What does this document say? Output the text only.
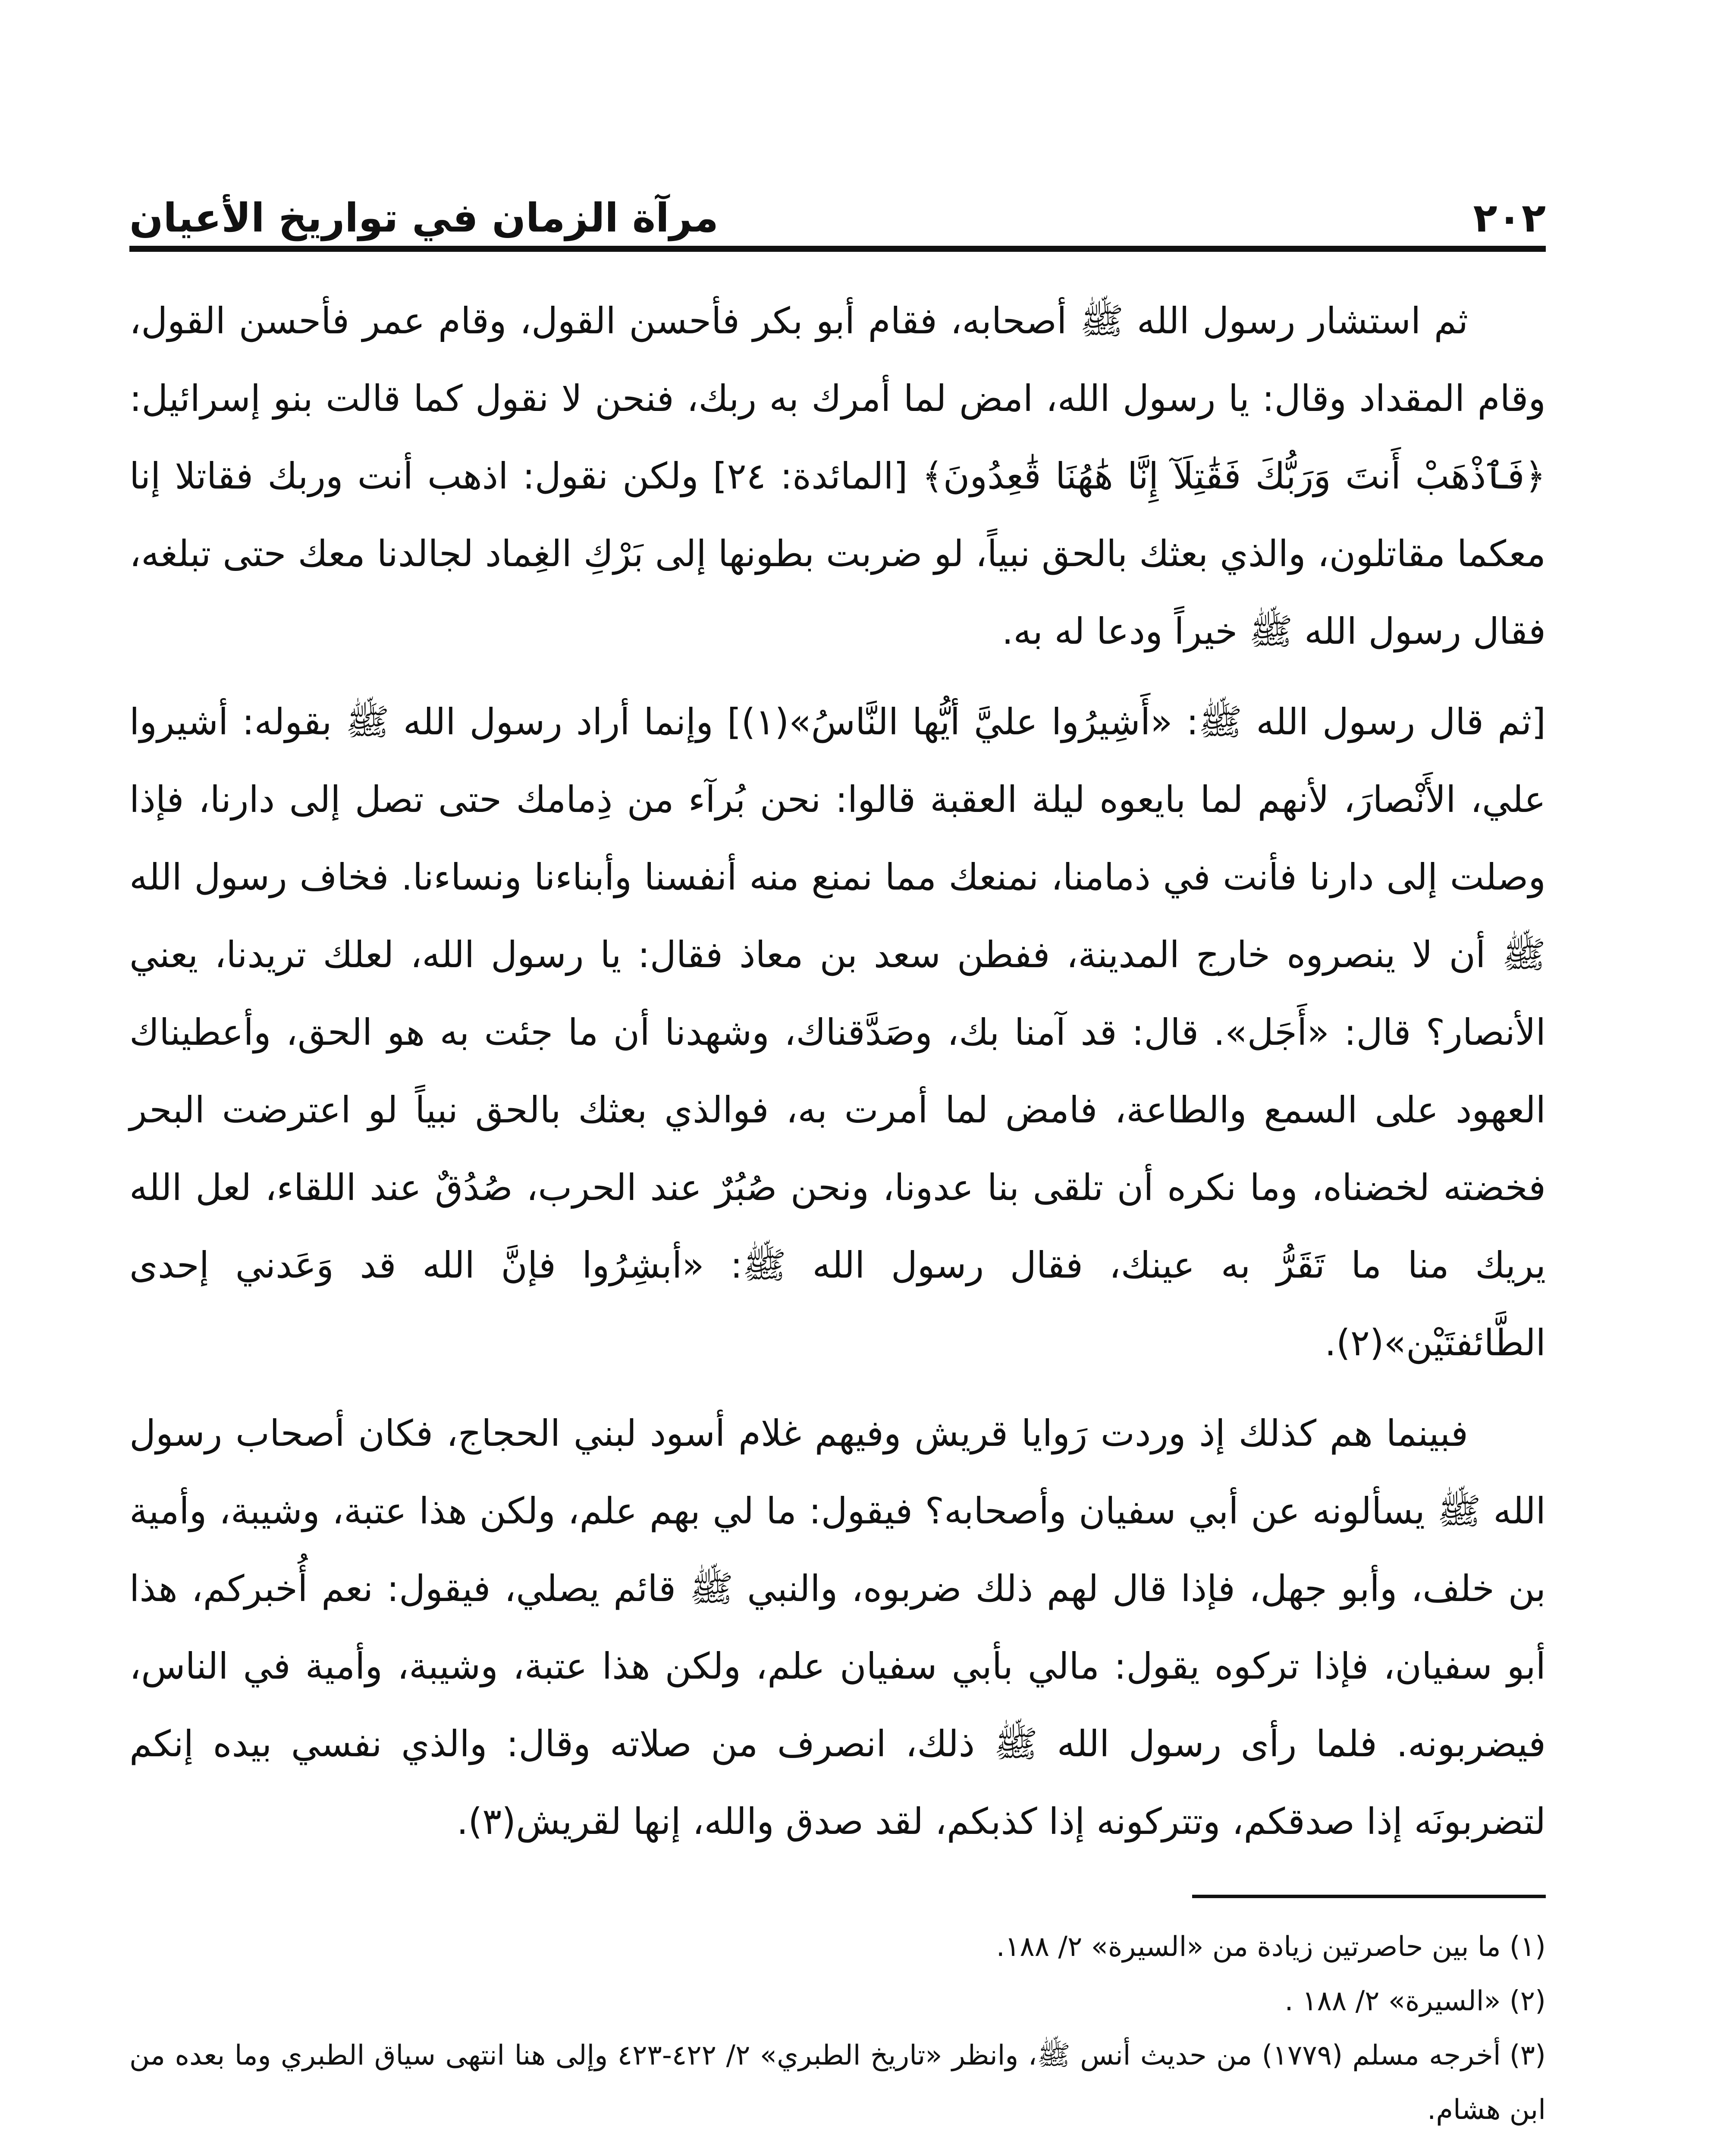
٢٠٢
مرآة الزمان في تواريخ الأعيان

ثم استشار رسول الله ﷺ أصحابه، فقام أبو بكر فأحسن القول، وقام عمر فأحسن القول، وقام المقداد وقال: يا رسول الله، امض لما أمرك به ربك، فنحن لا نقول كما قالت بنو إسرائيل: ﴿فَٱذْهَبْ أَنتَ وَرَبُّكَ فَقَٰتِلَآ إِنَّا هَٰهُنَا قَٰعِدُونَ﴾ [المائدة: ٢٤] ولكن نقول: اذهب أنت وربك فقاتلا إنا معكما مقاتلون، والذي بعثك بالحق نبياً، لو ضربت بطونها إلى بَرْكِ الغِماد لجالدنا معك حتى تبلغه، فقال رسول الله ﷺ خيراً ودعا له به.

[ثم قال رسول الله ﷺ: «أَشِيرُوا عليَّ أيُّها النَّاسُ»(١)] وإنما أراد رسول الله ﷺ بقوله: أشيروا علي، الأَنْصارَ، لأنهم لما بايعوه ليلة العقبة قالوا: نحن بُرآء من ذِمامك حتى تصل إلى دارنا، فإذا وصلت إلى دارنا فأنت في ذمامنا، نمنعك مما نمنع منه أنفسنا وأبناءنا ونساءنا. فخاف رسول الله ﷺ أن لا ينصروه خارج المدينة، ففطن سعد بن معاذ فقال: يا رسول الله، لعلك تريدنا، يعني الأنصار؟ قال: «أَجَل». قال: قد آمنا بك، وصَدَّقناك، وشهدنا أن ما جئت به هو الحق، وأعطيناك العهود على السمع والطاعة، فامض لما أمرت به، فوالذي بعثك بالحق نبياً لو اعترضت البحر فخضته لخضناه، وما نكره أن تلقى بنا عدونا، ونحن صُبُرٌ عند الحرب، صُدُقٌ عند اللقاء، لعل الله يريك منا ما تَقَرُّ به عينك، فقال رسول الله ﷺ: «أبشِرُوا فإنَّ الله قد وَعَدني إحدى الطَّائفتَيْن»(٢).

فبينما هم كذلك إذ وردت رَوايا قريش وفيهم غلام أسود لبني الحجاج، فكان أصحاب رسول الله ﷺ يسألونه عن أبي سفيان وأصحابه؟ فيقول: ما لي بهم علم، ولكن هذا عتبة، وشيبة، وأمية بن خلف، وأبو جهل، فإذا قال لهم ذلك ضربوه، والنبي ﷺ قائم يصلي، فيقول: نعم أُخبركم، هذا أبو سفيان، فإذا تركوه يقول: مالي بأبي سفيان علم، ولكن هذا عتبة، وشيبة، وأمية في الناس، فيضربونه. فلما رأى رسول الله ﷺ ذلك، انصرف من صلاته وقال: والذي نفسي بيده إنكم لتضربونَه إذا صدقكم، وتتركونه إذا كذبكم، لقد صدق والله، إنها لقريش(٣).

(١)ما بين حاصرتين زيادة من «السيرة» ٢/ ١٨٨.

(٢)«السيرة» ٢/ ١٨٨ .

(٣)أخرجه مسلم (١٧٧٩) من حديث أنس ﷺ، وانظر «تاريخ الطبري» ٢/ ٤٢٢-٤٢٣ وإلى هنا انتهى سياق الطبري وما بعده من ابن هشام.
